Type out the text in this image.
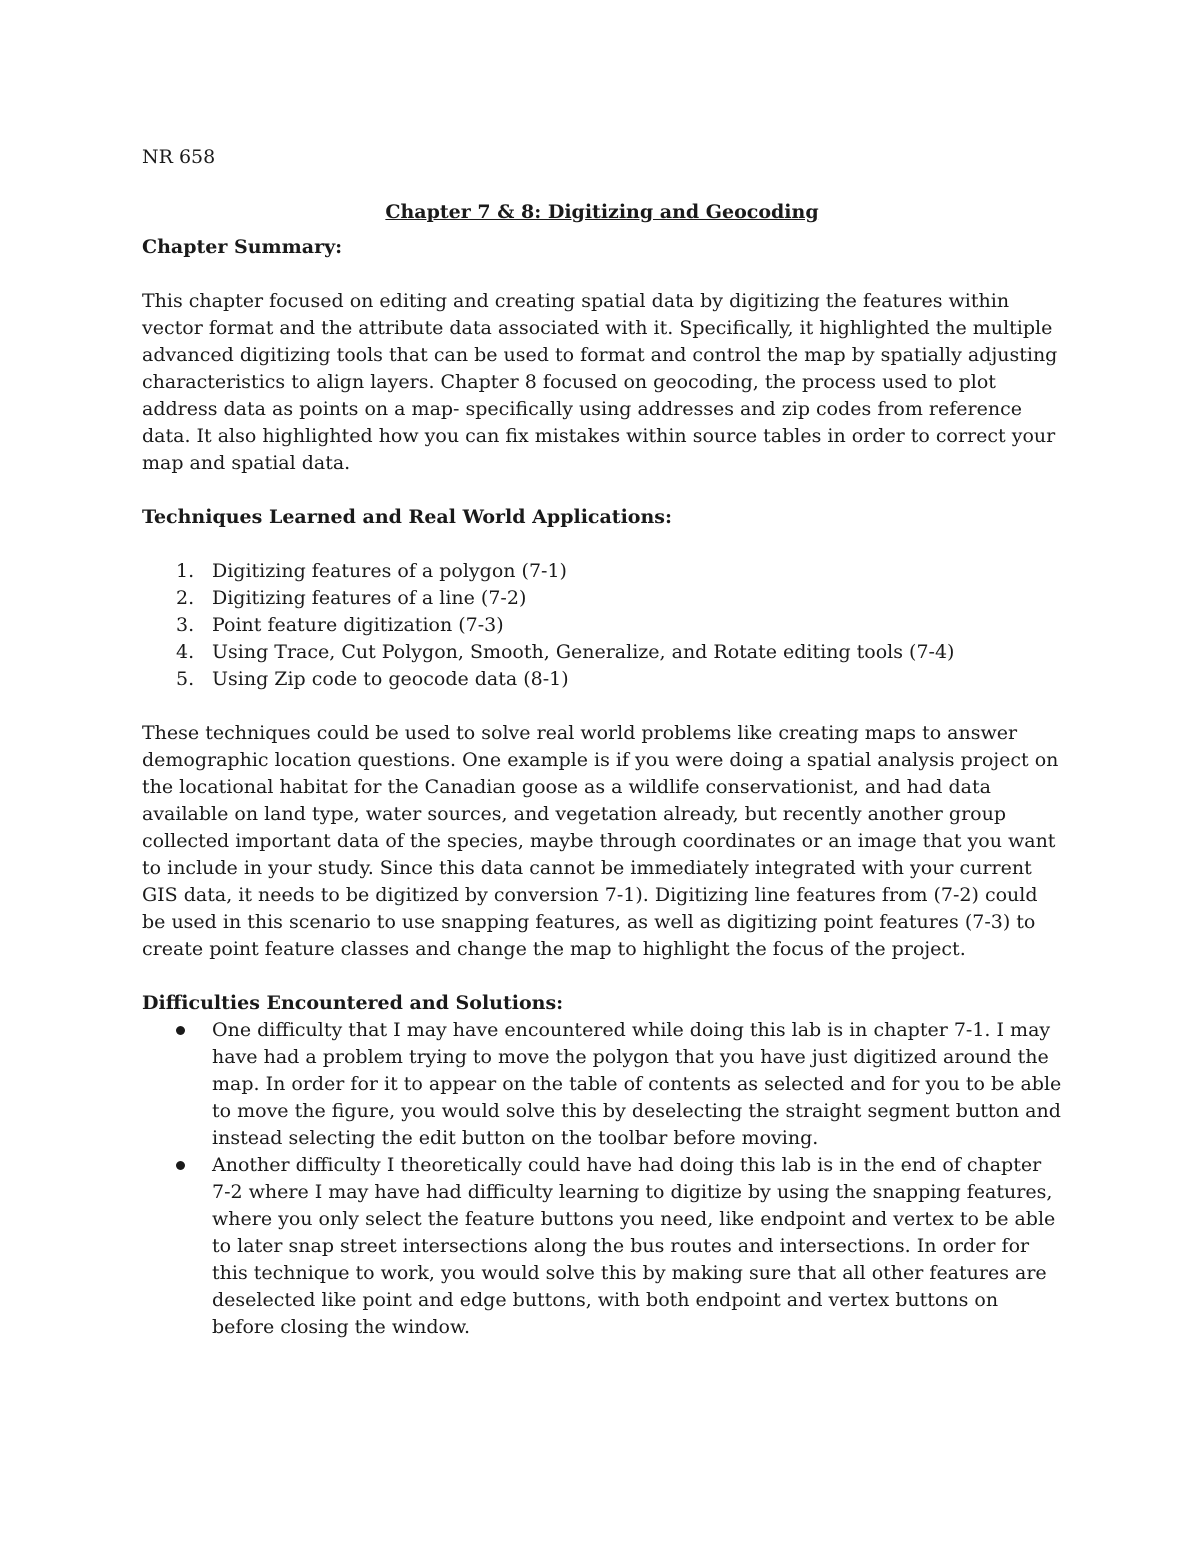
NR 658

Chapter 7 & 8: Digitizing and Geocoding

Chapter Summary:

This chapter focused on editing and creating spatial data by digitizing the features within vector format and the attribute data associated with it. Specifically, it highlighted the multiple advanced digitizing tools that can be used to format and control the map by spatially adjusting characteristics to align layers. Chapter 8 focused on geocoding, the process used to plot address data as points on a map- specifically using addresses and zip codes from reference data. It also highlighted how you can fix mistakes within source tables in order to correct your map and spatial data.

Techniques Learned and Real World Applications:

1. Digitizing features of a polygon (7-1)
2. Digitizing features of a line (7-2)
3. Point feature digitization (7-3)
4. Using Trace, Cut Polygon, Smooth, Generalize, and Rotate editing tools (7-4)
5. Using Zip code to geocode data (8-1)

These techniques could be used to solve real world problems like creating maps to answer demographic location questions. One example is if you were doing a spatial analysis project on the locational habitat for the Canadian goose as a wildlife conservationist, and had data available on land type, water sources, and vegetation already, but recently another group collected important data of the species, maybe through coordinates or an image that you want to include in your study. Since this data cannot be immediately integrated with your current GIS data, it needs to be digitized by conversion 7-1). Digitizing line features from (7-2) could be used in this scenario to use snapping features, as well as digitizing point features (7-3) to create point feature classes and change the map to highlight the focus of the project.

Difficulties Encountered and Solutions:

One difficulty that I may have encountered while doing this lab is in chapter 7-1. I may have had a problem trying to move the polygon that you have just digitized around the map. In order for it to appear on the table of contents as selected and for you to be able to move the figure, you would solve this by deselecting the straight segment button and instead selecting the edit button on the toolbar before moving.
Another difficulty I theoretically could have had doing this lab is in the end of chapter 7-2 where I may have had difficulty learning to digitize by using the snapping features, where you only select the feature buttons you need, like endpoint and vertex to be able to later snap street intersections along the bus routes and intersections. In order for this technique to work, you would solve this by making sure that all other features are deselected like point and edge buttons, with both endpoint and vertex buttons on before closing the window.
